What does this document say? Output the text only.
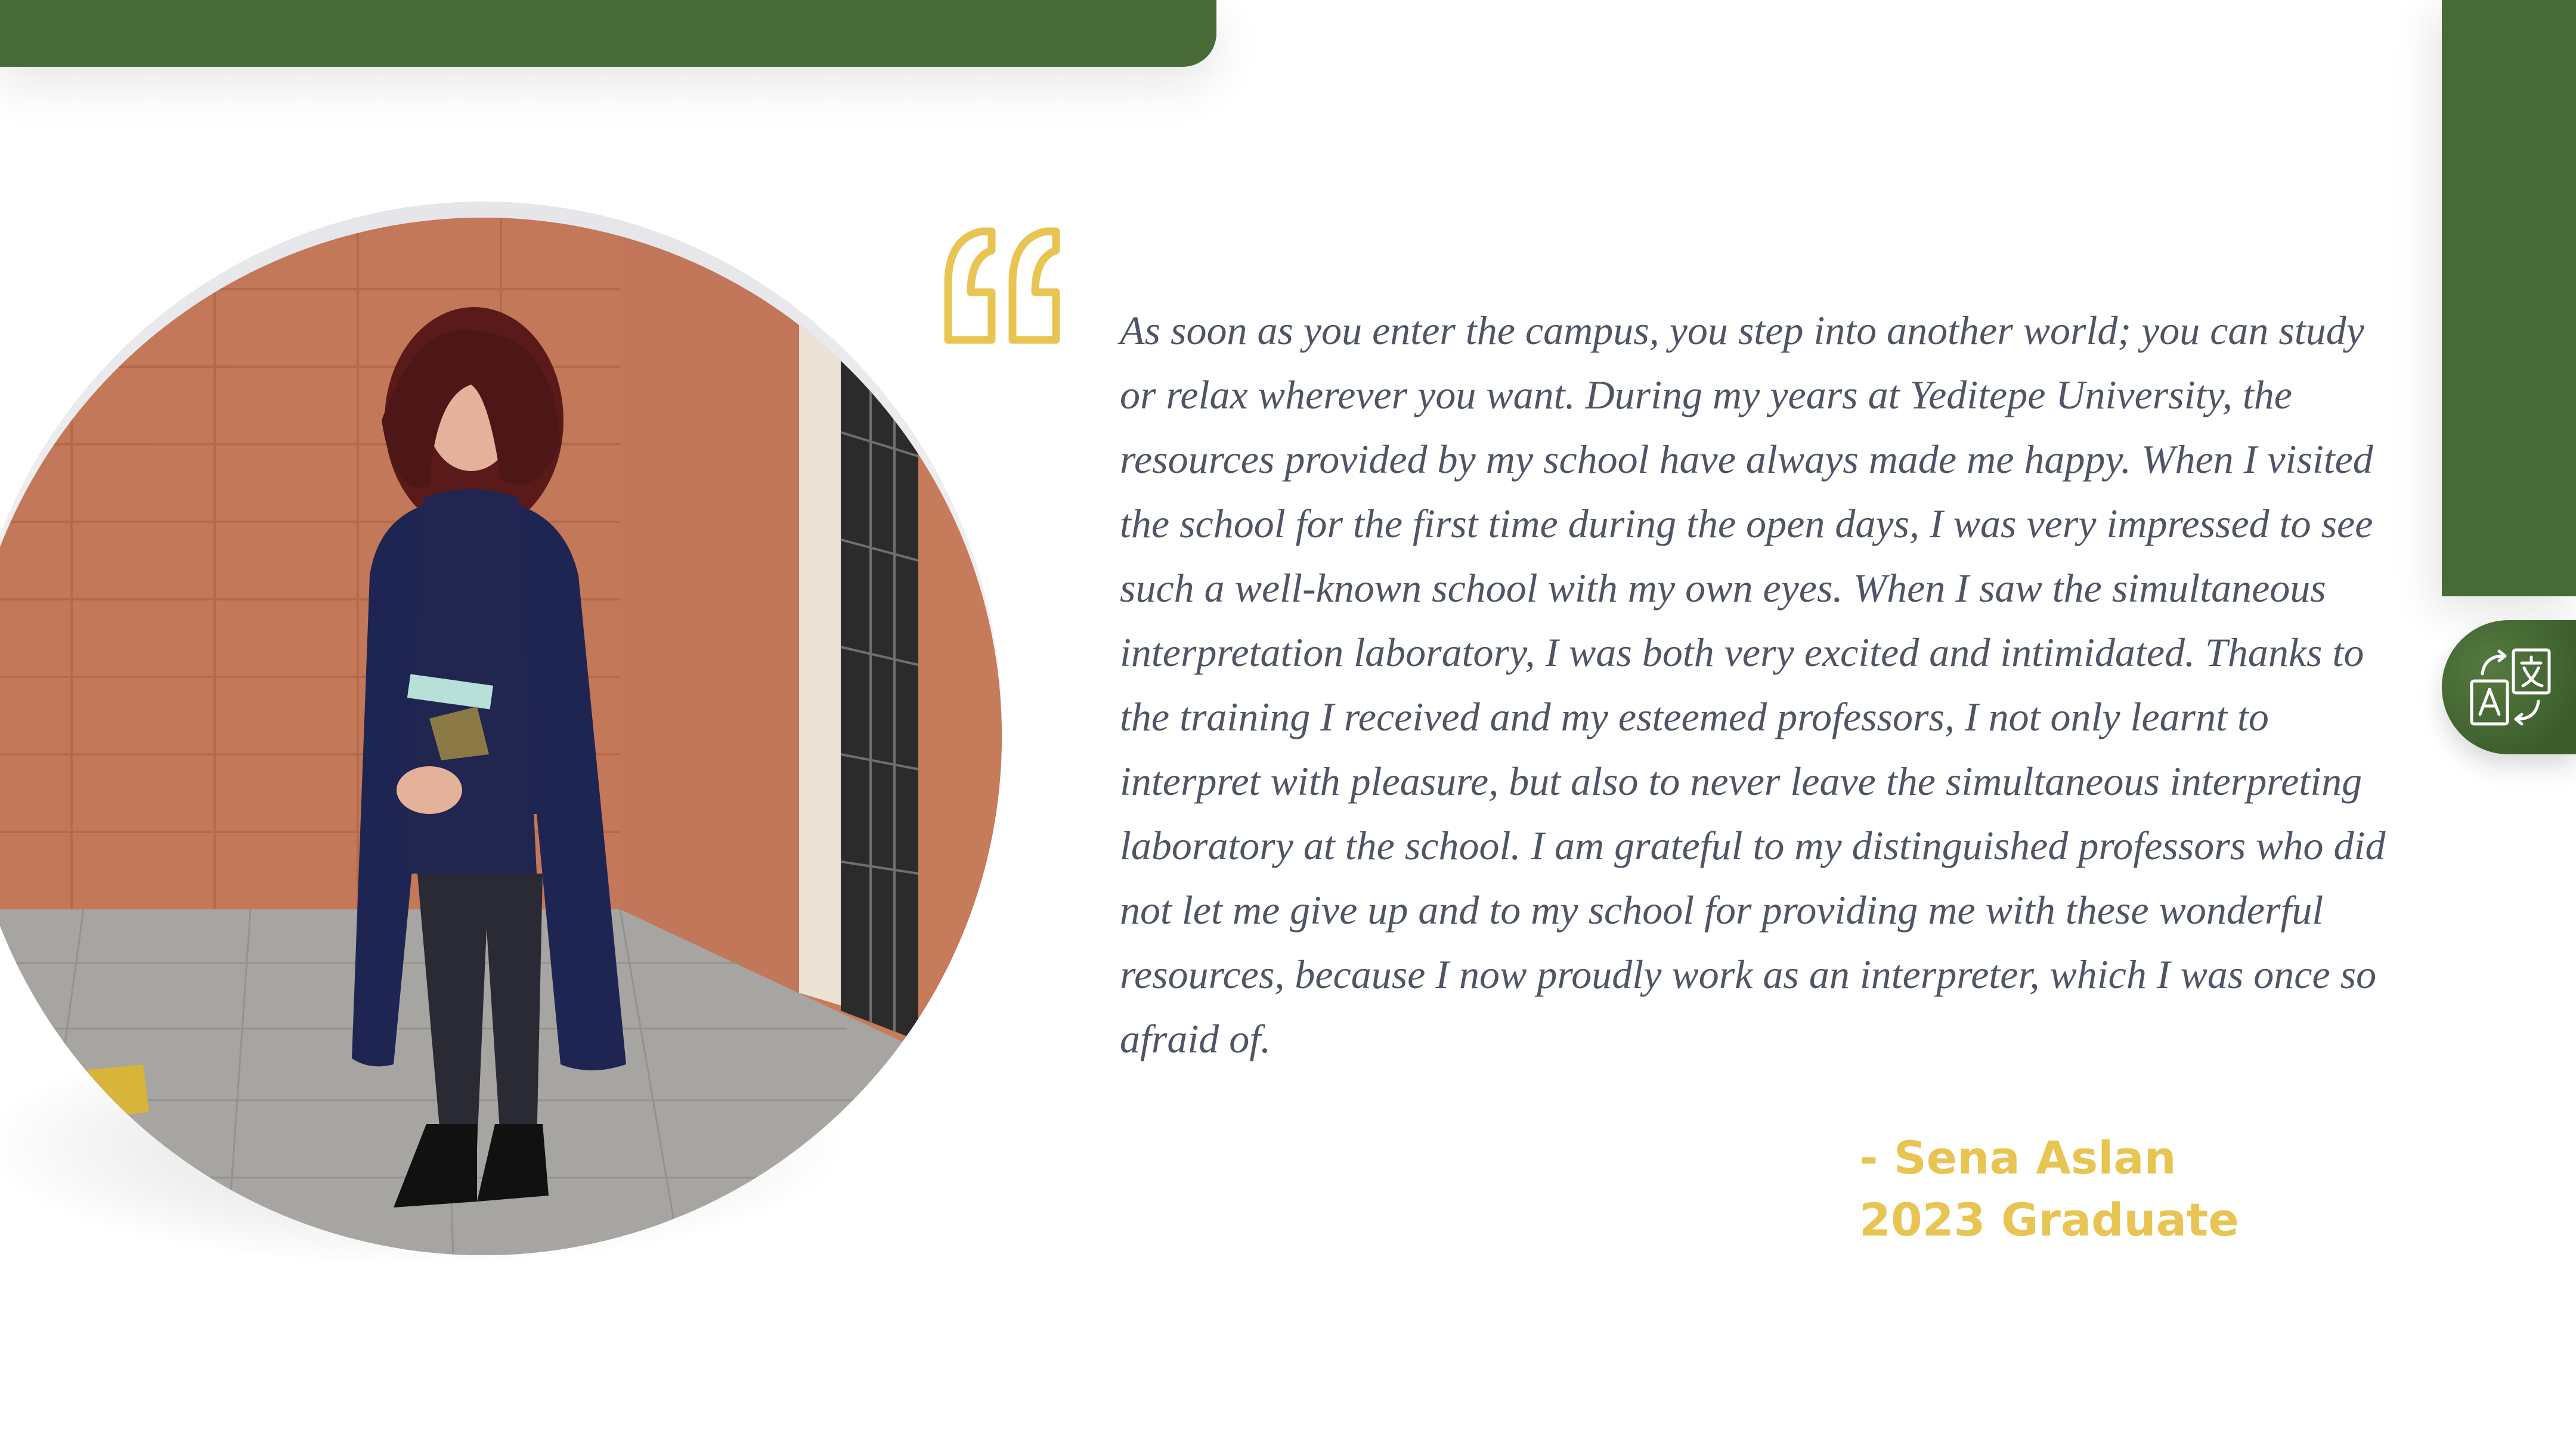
As soon as you enter the campus, you step into another world; you can study or relax wherever you want. During my years at Yeditepe University, the resources provided by my school have always made me happy. When I visited the school for the first time during the open days, I was very impressed to see such a well-known school with my own eyes. When I saw the simultaneous interpretation laboratory, I was both very excited and intimidated. Thanks to the training I received and my esteemed professors, I not only learnt to interpret with pleasure, but also to never leave the simultaneous interpreting laboratory at the school. I am grateful to my distinguished professors who did not let me give up and to my school for providing me with these wonderful resources, because I now proudly work as an interpreter, which I was once so afraid of.

- Sena Aslan
2023 Graduate
